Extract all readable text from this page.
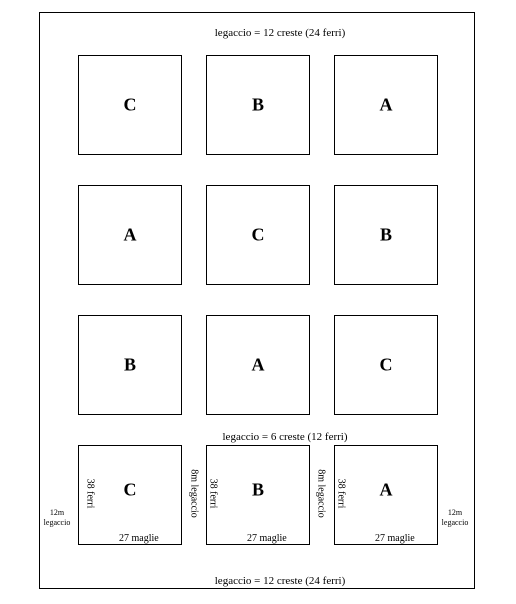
legaccio = 12 creste (24 ferri)
C	B	A
A	C	B
B	A	C
legaccio = 6 creste (12 ferri)
C	B	A
38 ferri	38 ferri	38 ferri
8m legaccio	8m legaccio
12m
legaccio
12m
legaccio
27 maglie	27 maglie	27 maglie
legaccio = 12 creste (24 ferri)
